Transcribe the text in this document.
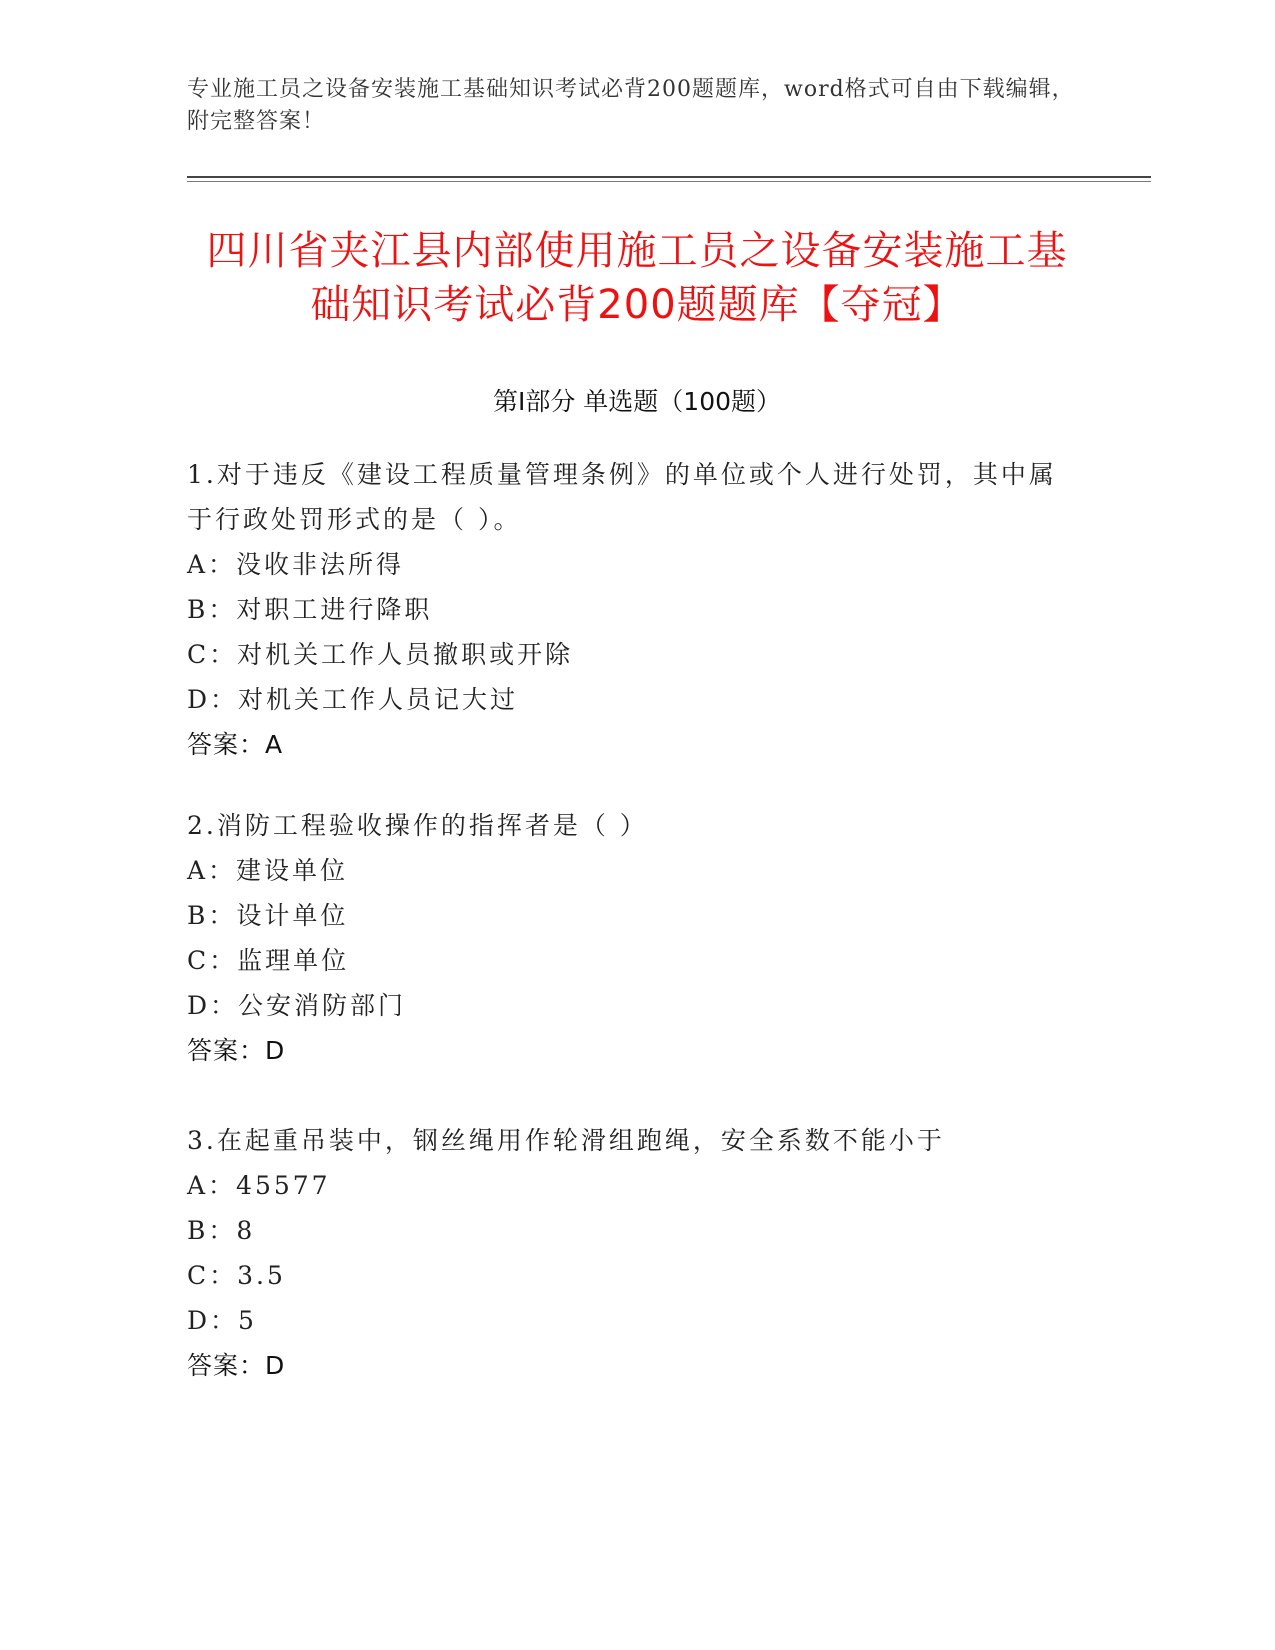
专业施工员之设备安装施工基础知识考试必背200题题库，word格式可自由下载编辑，附完整答案！
四川省夹江县内部使用施工员之设备安装施工基础知识考试必背200题题库【夺冠】
第Ⅰ部分 单选题（100题）

1.对于违反《建设工程质量管理条例》的单位或个人进行处罚，其中属于行政处罚形式的是（ ）。

A：没收非法所得

B：对职工进行降职

C：对机关工作人员撤职或开除

D：对机关工作人员记大过

答案：A

2.消防工程验收操作的指挥者是（ ）

A：建设单位

B：设计单位

C：监理单位

D：公安消防部门

答案：D

3.在起重吊装中，钢丝绳用作轮滑组跑绳，安全系数不能小于

A：45577

B：8

C：3.5

D：5

答案：D
